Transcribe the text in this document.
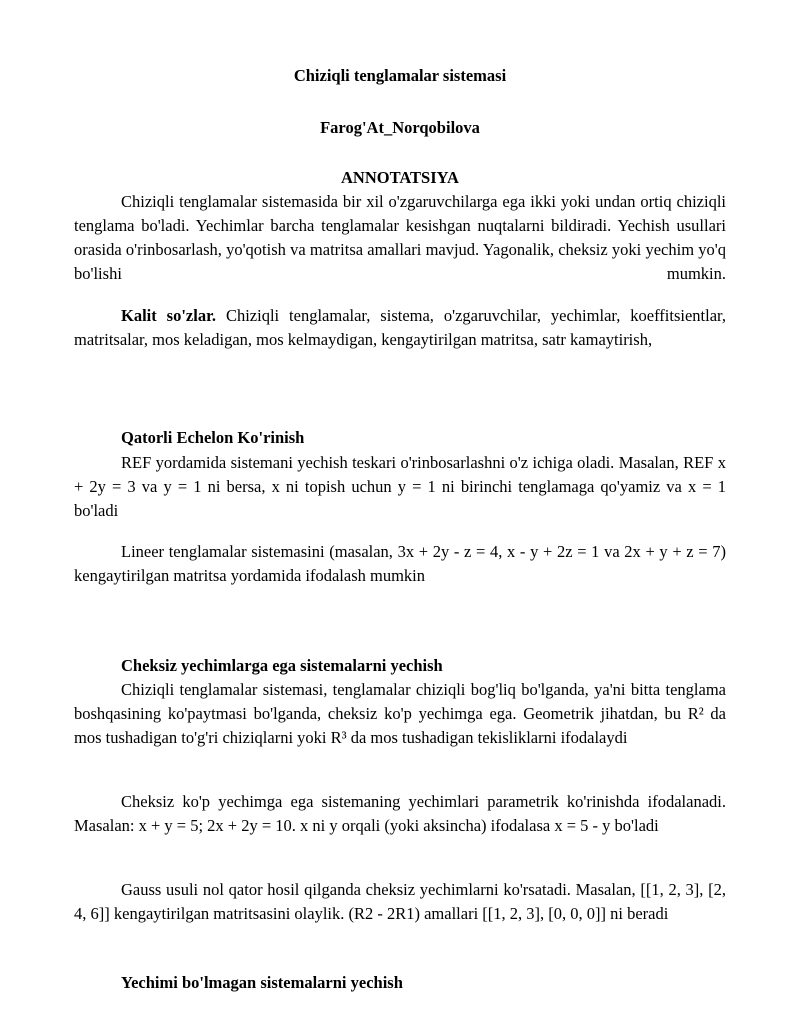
Chiziqli tenglamalar sistemasi
Farog'At_Norqobilova
ANNOTATSIYA

Chiziqli tenglamalar sistemasida bir xil o'zgaruvchilarga ega ikki yoki undan ortiq chiziqli tenglama bo'ladi. Yechimlar barcha tenglamalar kesishgan nuqtalarni bildiradi. Yechish usullari orasida o'rinbosarlash, yo'qotish va matritsa amallari mavjud. Yagonalik, cheksiz yoki yechim yo'q bo'lishi mumkin.

Kalit so'zlar. Chiziqli tenglamalar, sistema, o'zgaruvchilar, yechimlar, koeffitsientlar, matritsalar, mos keladigan, mos kelmaydigan, kengaytirilgan matritsa, satr kamaytirish,

Qatorli Echelon Ko'rinish

REF yordamida sistemani yechish teskari o'rinbosarlashni o'z ichiga oladi. Masalan, REF x + 2y = 3 va y = 1 ni bersa, x ni topish uchun y = 1 ni birinchi tenglamaga qo'yamiz va x = 1 bo'ladi

Lineer tenglamalar sistemasini (masalan, 3x + 2y - z = 4, x - y + 2z = 1 va 2x + y + z = 7) kengaytirilgan matritsa yordamida ifodalash mumkin

Cheksiz yechimlarga ega sistemalarni yechish

Chiziqli tenglamalar sistemasi, tenglamalar chiziqli bog'liq bo'lganda, ya'ni bitta tenglama boshqasining ko'paytmasi bo'lganda, cheksiz ko'p yechimga ega. Geometrik jihatdan, bu R² da mos tushadigan to'g'ri chiziqlarni yoki R³ da mos tushadigan tekisliklarni ifodalaydi

Cheksiz ko'p yechimga ega sistemaning yechimlari parametrik ko'rinishda ifodalanadi. Masalan: x + y = 5; 2x + 2y = 10. x ni y orqali (yoki aksincha) ifodalasa x = 5 - y bo'ladi

Gauss usuli nol qator hosil qilganda cheksiz yechimlarni ko'rsatadi. Masalan, [[1, 2, 3], [2, 4, 6]] kengaytirilgan matritsasini olaylik. (R2 - 2R1) amallari [[1, 2, 3], [0, 0, 0]] ni beradi

Yechimi bo'lmagan sistemalarni yechish
